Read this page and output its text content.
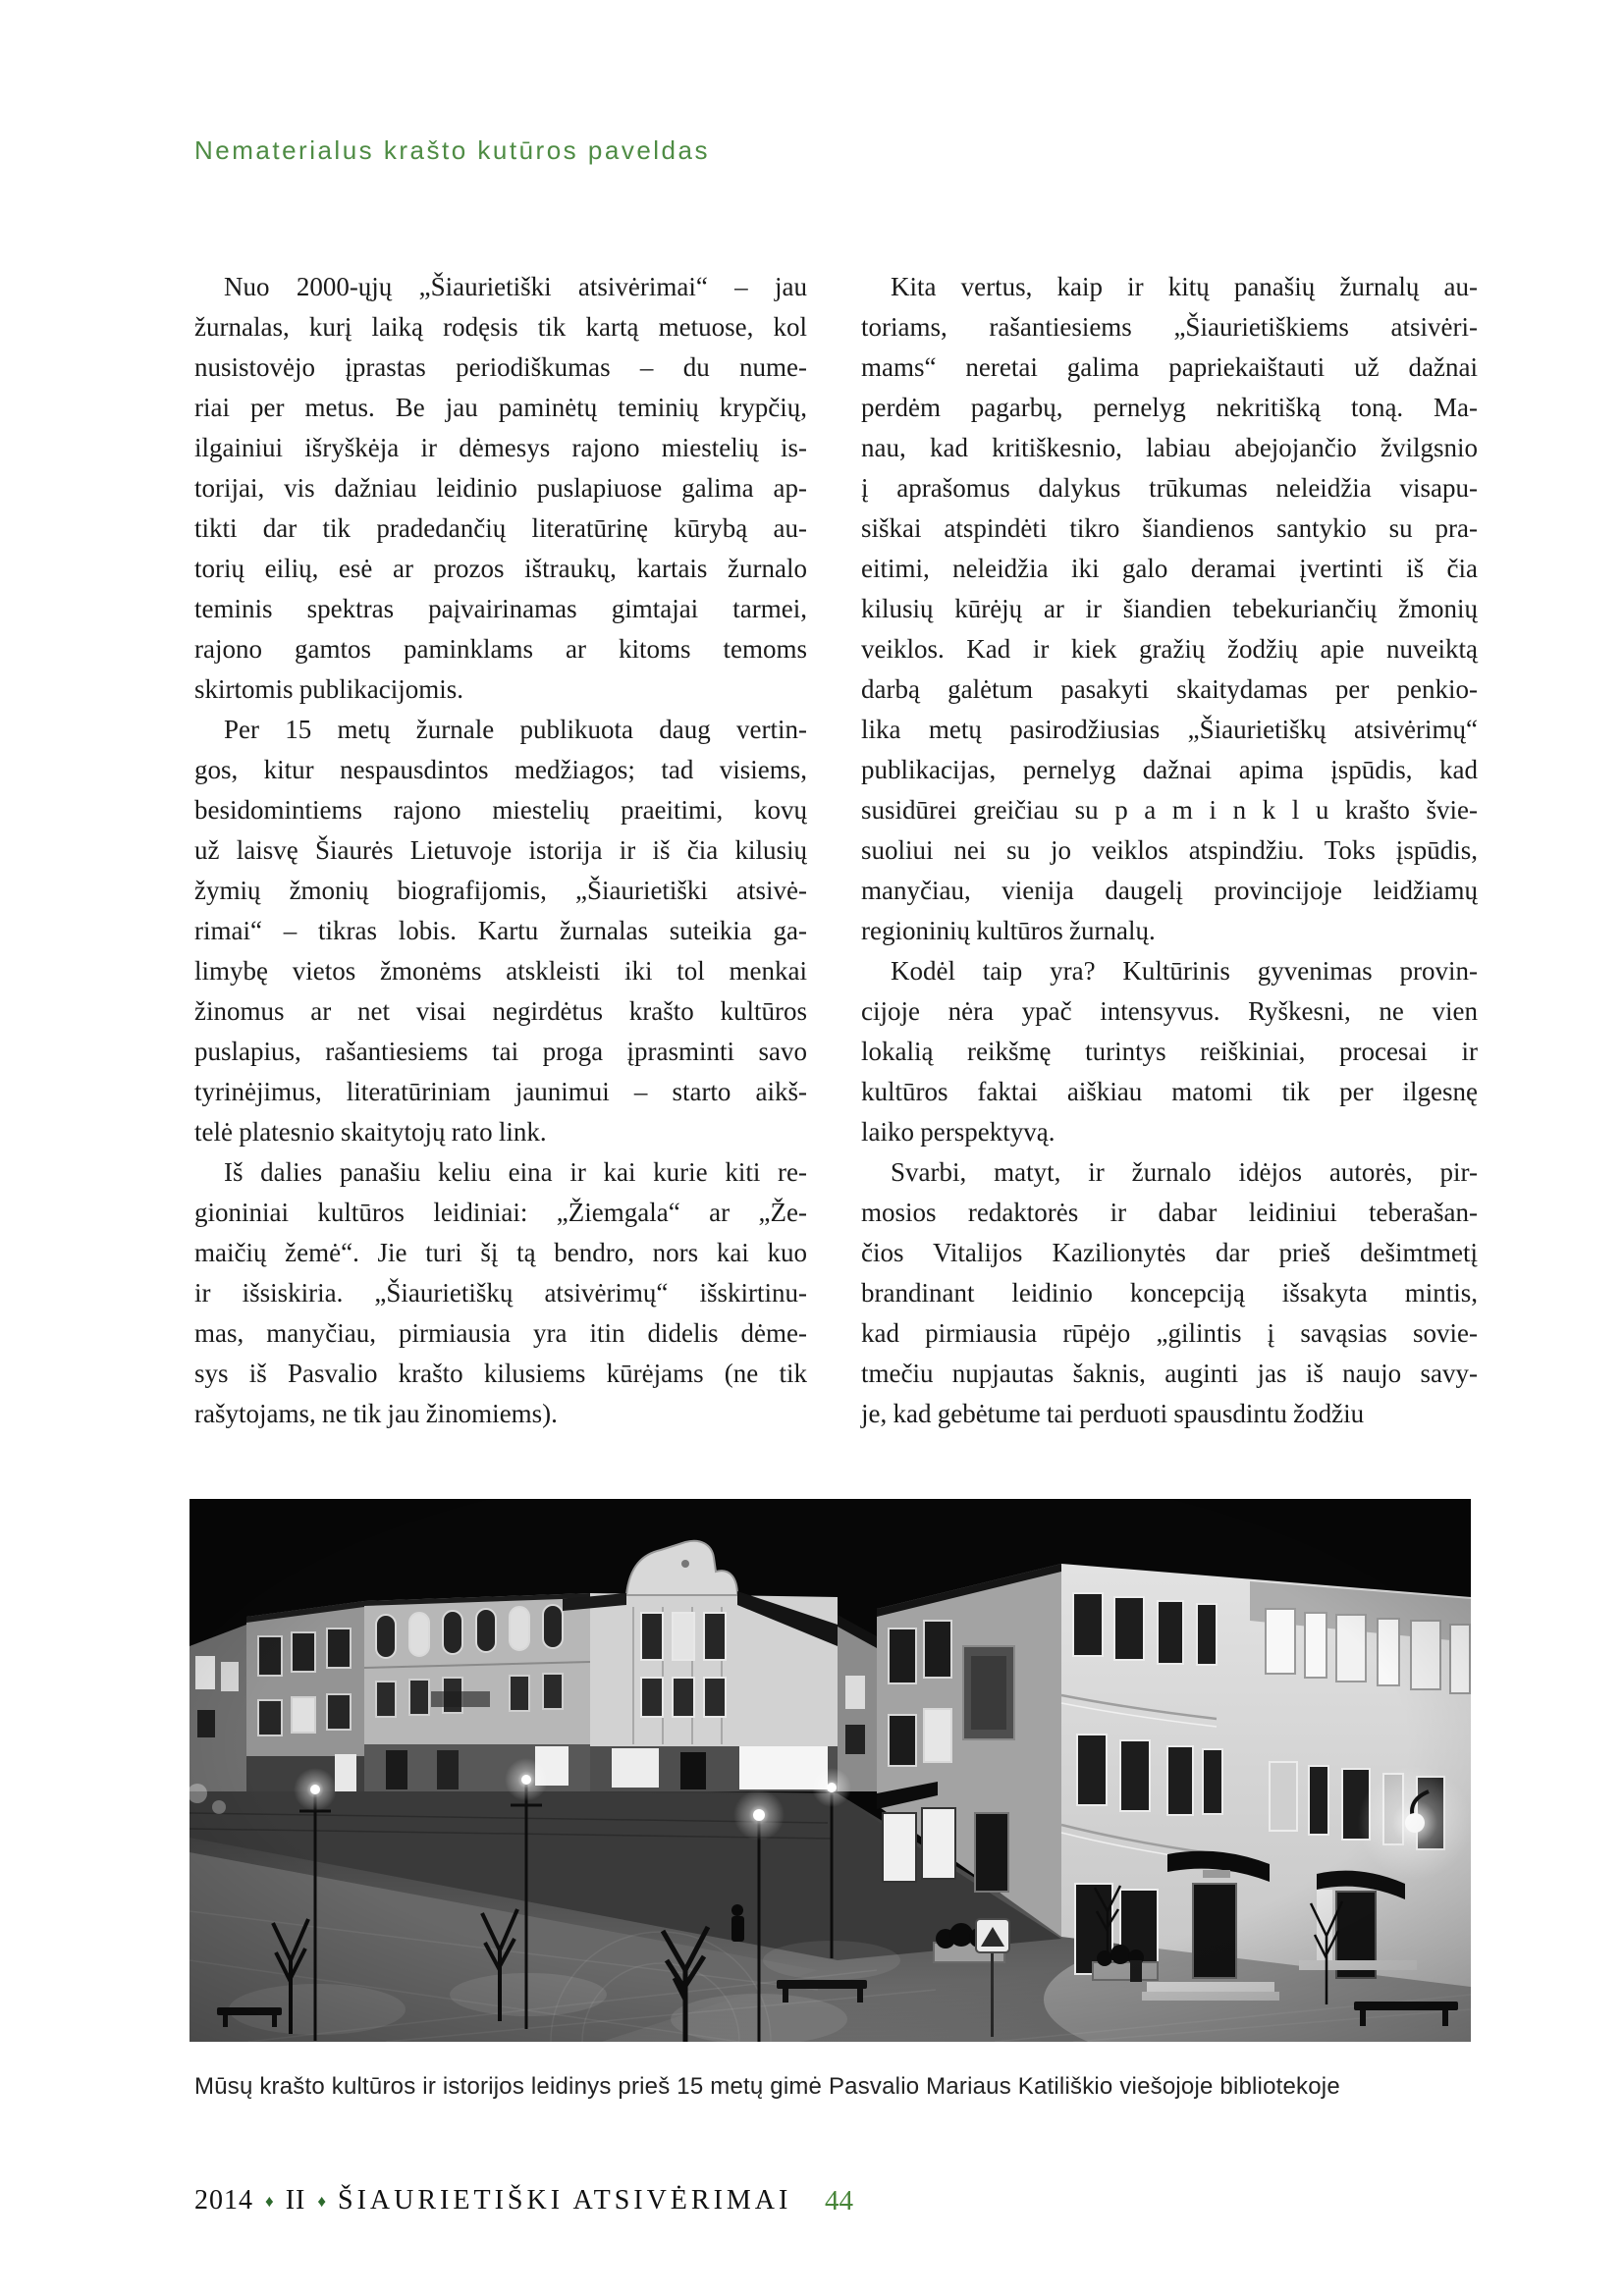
Nematerialus krašto kutūros paveldas
Nuo 2000-ųjų „Šiaurietiški atsivėrimai“ – jau
žurnalas, kurį laiką rodęsis tik kartą metuose, kol
nusistovėjo įprastas periodiškumas – du nume-
riai per metus. Be jau paminėtų teminių krypčių,
ilgainiui išryškėja ir dėmesys rajono miestelių is-
torijai, vis dažniau leidinio puslapiuose galima ap-
tikti dar tik pradedančių literatūrinę kūrybą au-
torių eilių, esė ar prozos ištraukų, kartais žurnalo
teminis spektras paįvairinamas gimtajai tarmei,
rajono gamtos paminklams ar kitoms temoms
skirtomis publikacijomis.
Per 15 metų žurnale publikuota daug vertin-
gos, kitur nespausdintos medžiagos; tad visiems,
besidomintiems rajono miestelių praeitimi, kovų
už laisvę Šiaurės Lietuvoje istorija ir iš čia kilusių
žymių žmonių biografijomis, „Šiaurietiški atsivė-
rimai“ – tikras lobis. Kartu žurnalas suteikia ga-
limybę vietos žmonėms atskleisti iki tol menkai
žinomus ar net visai negirdėtus krašto kultūros
puslapius, rašantiesiems tai proga įprasminti savo
tyrinėjimus, literatūriniam jaunimui – starto aikš-
telė platesnio skaitytojų rato link.
Iš dalies panašiu keliu eina ir kai kurie kiti re-
gioniniai kultūros leidiniai: „Žiemgala“ ar „Že-
maičių žemė“. Jie turi šį tą bendro, nors kai kuo
ir išsiskiria. „Šiaurietiškų atsivėrimų“ išskirtinu-
mas, manyčiau, pirmiausia yra itin didelis dėme-
sys iš Pasvalio krašto kilusiems kūrėjams (ne tik
rašytojams, ne tik jau žinomiems).
Kita vertus, kaip ir kitų panašių žurnalų au-
toriams, rašantiesiems „Šiaurietiškiems atsivėri-
mams“ neretai galima papriekaištauti už dažnai
perdėm pagarbų, pernelyg nekritišką toną. Ma-
nau, kad kritiškesnio, labiau abejojančio žvilgsnio
į aprašomus dalykus trūkumas neleidžia visapu-
siškai atspindėti tikro šiandienos santykio su pra-
eitimi, neleidžia iki galo deramai įvertinti iš čia
kilusių kūrėjų ar ir šiandien tebekuriančių žmonių
veiklos. Kad ir kiek gražių žodžių apie nuveiktą
darbą galėtum pasakyti skaitydamas per penkio-
lika metų pasirodžiusias „Šiaurietiškų atsivėrimų“
publikacijas, pernelyg dažnai apima įspūdis, kad
susidūrei greičiau su p a m i n k l u krašto švie-
suoliui nei su jo veiklos atspindžiu. Toks įspūdis,
manyčiau, vienija daugelį provincijoje leidžiamų
regioninių kultūros žurnalų.
Kodėl taip yra? Kultūrinis gyvenimas provin-
cijoje nėra ypač intensyvus. Ryškesni, ne vien
lokalią reikšmę turintys reiškiniai, procesai ir
kultūros faktai aiškiau matomi tik per ilgesnę
laiko perspektyvą.
Svarbi, matyt, ir žurnalo idėjos autorės, pir-
mosios redaktorės ir dabar leidiniui teberašan-
čios Vitalijos Kazilionytės dar prieš dešimtmetį
brandinant leidinio koncepciją išsakyta mintis,
kad pirmiausia rūpėjo „gilintis į savąsias sovie-
tmečiu nupjautas šaknis, auginti jas iš naujo savy-
je, kad gebėtume tai perduoti spausdintu žodžiu
Mūsų krašto kultūros ir istorijos leidinys prieš 15 metų gimė Pasvalio Mariaus Katiliškio viešojoje bibliotekoje
2014 ♦ II ♦ ŠIAURIETIŠKI ATSIVĖRIMAI	44
